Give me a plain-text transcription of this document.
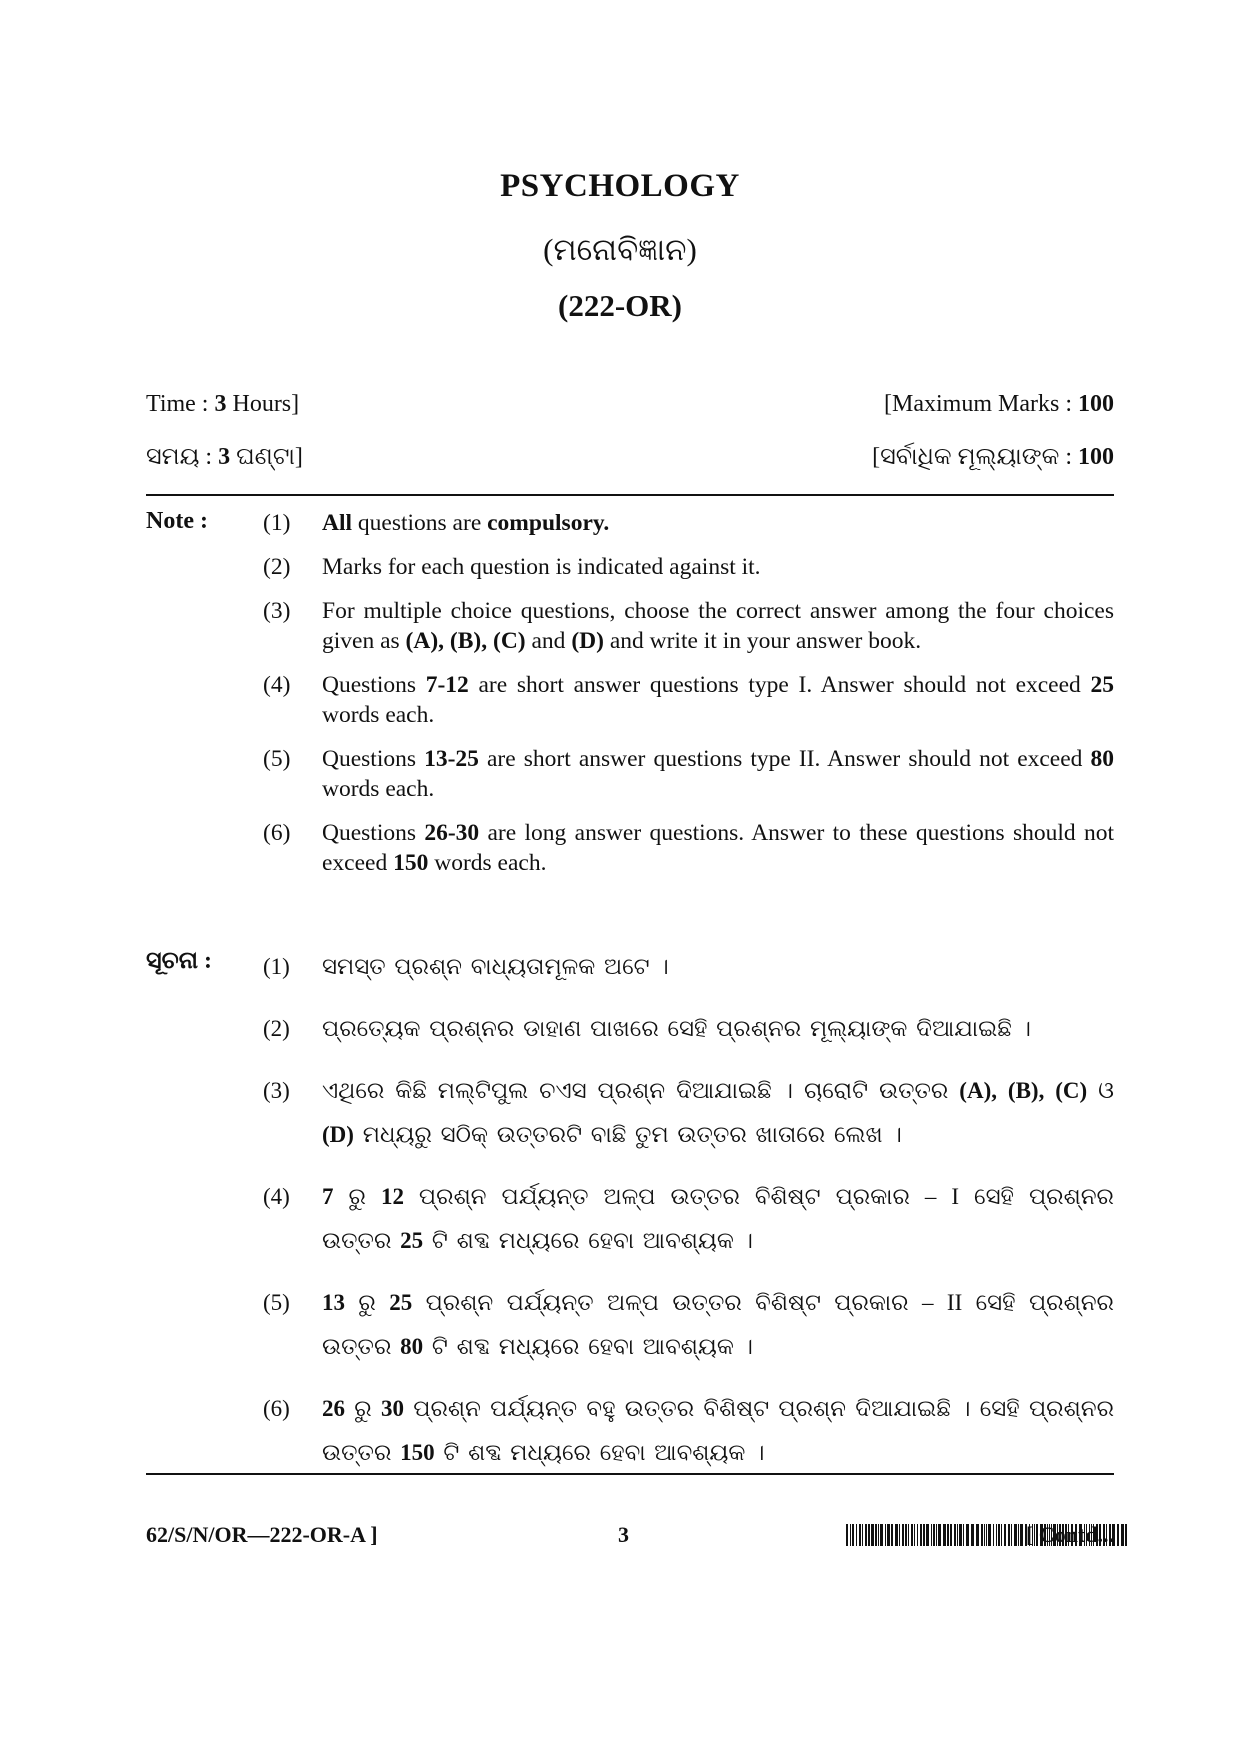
PSYCHOLOGY
(ମନୋବିଜ୍ଞାନ)
(222-OR)
Time : 3 Hours]	[Maximum Marks : 100
ସମୟ : 3 ଘଣ୍ଟା]	[ସର୍ବାଧିକ ମୂଲ୍ୟାଙ୍କ : 100
Note : (1) All questions are compulsory.
(2) Marks for each question is indicated against it.
(3) For multiple choice questions, choose the correct answer among the four choices given as (A), (B), (C) and (D) and write it in your answer book.
(4) Questions 7-12 are short answer questions type I. Answer should not exceed 25 words each.
(5) Questions 13-25 are short answer questions type II. Answer should not exceed 80 words each.
(6) Questions 26-30 are long answer questions. Answer to these questions should not exceed 150 words each.
ସୂଚନା : (1) ସମସ୍ତ ପ୍ରଶ୍ନ ବାଧ୍ୟତାମୂଳକ ଅଟେ ।
(2) ପ୍ରତ୍ୟେକ ପ୍ରଶ୍ନର ଡାହାଣ ପାଖରେ ସେହି ପ୍ରଶ୍ନର ମୂଲ୍ୟାଙ୍କ ଦିଆଯାଇଛି ।
(3) ଏଥିରେ କିଛି ମଲ୍‌ଟିପୁଲ ଚଏସ ପ୍ରଶ୍ନ ଦିଆଯାଇଛି । ଚାରୋଟି ଉତ୍ତର (A), (B), (C) ଓ (D) ମଧ୍ୟରୁ ସଠିକ୍ ଉତ୍ତରଟି ବାଛି ତୁମ ଉତ୍ତର ଖାତାରେ ଲେଖ ।
(4) 7 ରୁ 12 ପ୍ରଶ୍ନ ପର୍ଯ୍ୟନ୍ତ ଅଳ୍ପ ଉତ୍ତର ବିଶିଷ୍ଟ ପ୍ରକାର – I ସେହି ପ୍ରଶ୍ନର ଉତ୍ତର 25 ଟି ଶବ୍ଦ ମଧ୍ୟରେ ହେବା ଆବଶ୍ୟକ ।
(5) 13 ରୁ 25 ପ୍ରଶ୍ନ ପର୍ଯ୍ୟନ୍ତ ଅଳ୍ପ ଉତ୍ତର ବିଶିଷ୍ଟ ପ୍ରକାର – II ସେହି ପ୍ରଶ୍ନର ଉତ୍ତର 80 ଟି ଶବ୍ଦ ମଧ୍ୟରେ ହେବା ଆବଶ୍ୟକ ।
(6) 26 ରୁ 30 ପ୍ରଶ୍ନ ପର୍ଯ୍ୟନ୍ତ ବହୁ ଉତ୍ତର ବିଶିଷ୍ଟ ପ୍ରଶ୍ନ ଦିଆଯାଇଛି । ସେହି ପ୍ରଶ୍ନର ଉତ୍ତର 150 ଟି ଶବ୍ଦ ମଧ୍ୟରେ ହେବା ଆବଶ୍ୟକ ।
62/S/N/OR—222-OR-A ]	3	[ Contd...
